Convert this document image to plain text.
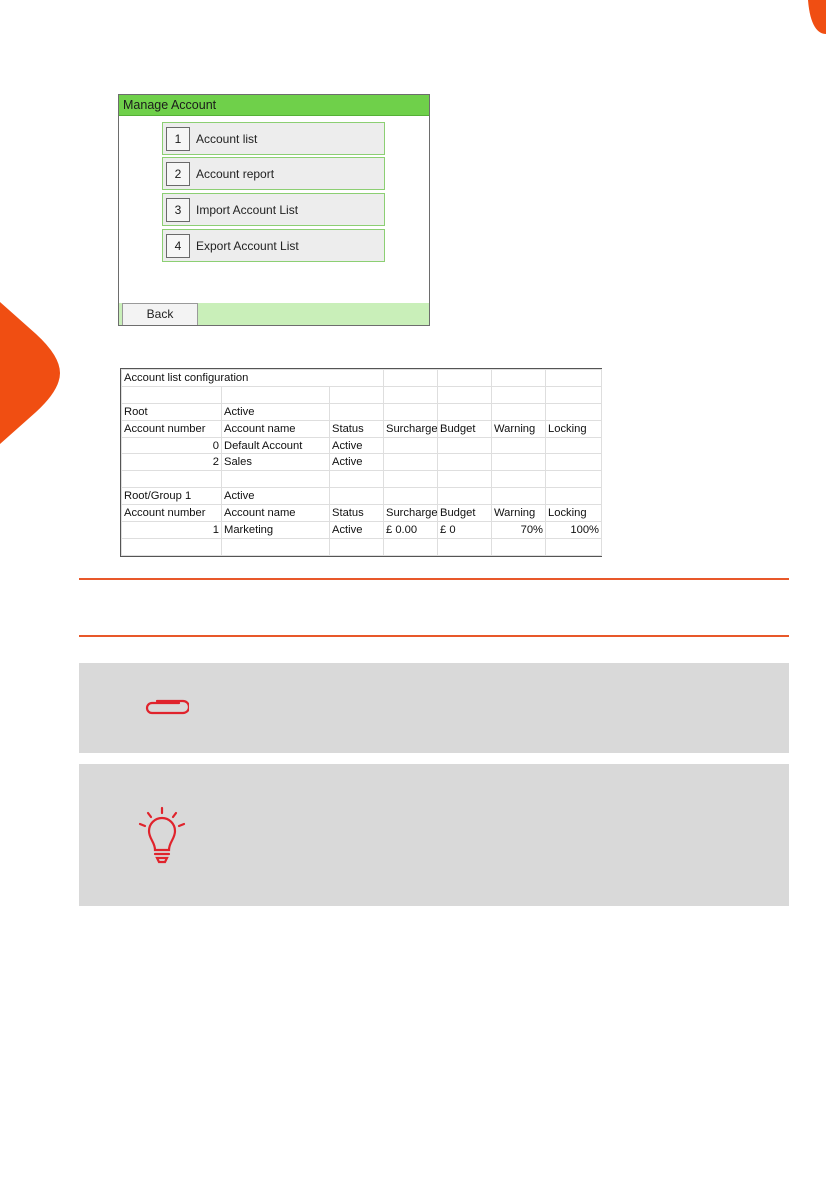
Manage Account
1	Account list
2	Account report
3	Import Account List
4	Export Account List
Back
Account list configuration						

Root	Active					
Account number	Account name	Status	Surcharge	Budget	Warning	Locking
0	Default Account	Active				
2	Sales	Active				

Root/Group 1	Active					
Account number	Account name	Status	Surcharge	Budget	Warning	Locking
1	Marketing	Active	£ 0.00	£ 0	70%	100%
